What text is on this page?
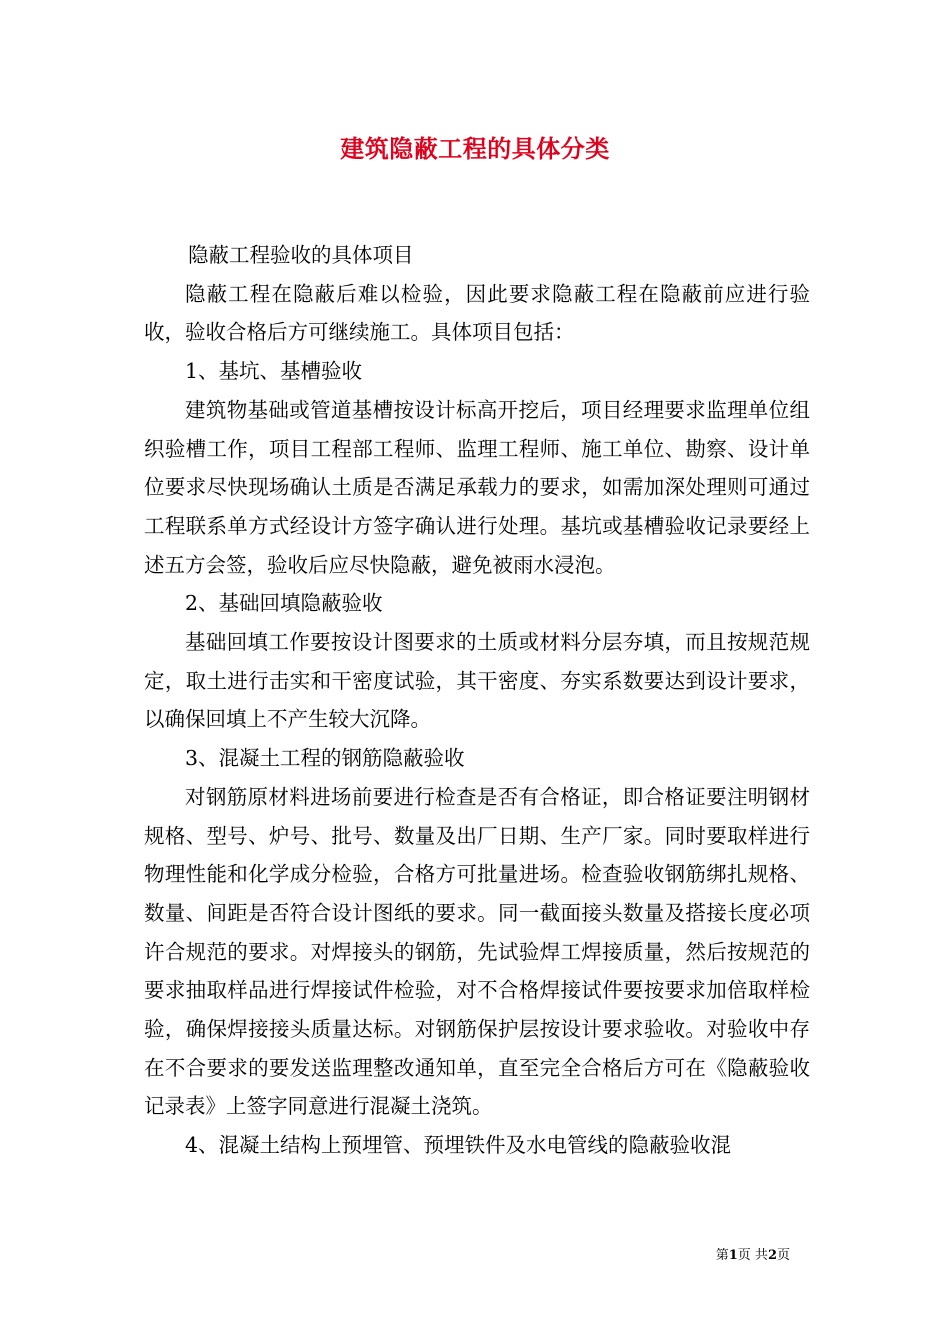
建筑隐蔽工程的具体分类

隐蔽工程验收的具体项目

隐蔽工程在隐蔽后难以检验，因此要求隐蔽工程在隐蔽前应进行验收，验收合格后方可继续施工。具体项目包括：

1、基坑、基槽验收

建筑物基础或管道基槽按设计标高开挖后，项目经理要求监理单位组织验槽工作，项目工程部工程师、监理工程师、施工单位、勘察、设计单位要求尽快现场确认土质是否满足承载力的要求，如需加深处理则可通过工程联系单方式经设计方签字确认进行处理。基坑或基槽验收记录要经上述五方会签，验收后应尽快隐蔽，避免被雨水浸泡。

2、基础回填隐蔽验收

基础回填工作要按设计图要求的土质或材料分层夯填，而且按规范规定，取土进行击实和干密度试验，其干密度、夯实系数要达到设计要求，以确保回填上不产生较大沉降。

3、混凝土工程的钢筋隐蔽验收

对钢筋原材料进场前要进行检查是否有合格证，即合格证要注明钢材规格、型号、炉号、批号、数量及出厂日期、生产厂家。同时要取样进行物理性能和化学成分检验，合格方可批量进场。检查验收钢筋绑扎规格、数量、间距是否符合设计图纸的要求。同一截面接头数量及搭接长度必项许合规范的要求。对焊接头的钢筋，先试验焊工焊接质量，然后按规范的要求抽取样品进行焊接试件检验，对不合格焊接试件要按要求加倍取样检验，确保焊接接头质量达标。对钢筋保护层按设计要求验收。对验收中存在不合要求的要发送监理整改通知单，直至完全合格后方可在《隐蔽验收记录表》上签字同意进行混凝土浇筑。

4、混凝土结构上预埋管、预埋铁件及水电管线的隐蔽验收混

第1页 共2页
